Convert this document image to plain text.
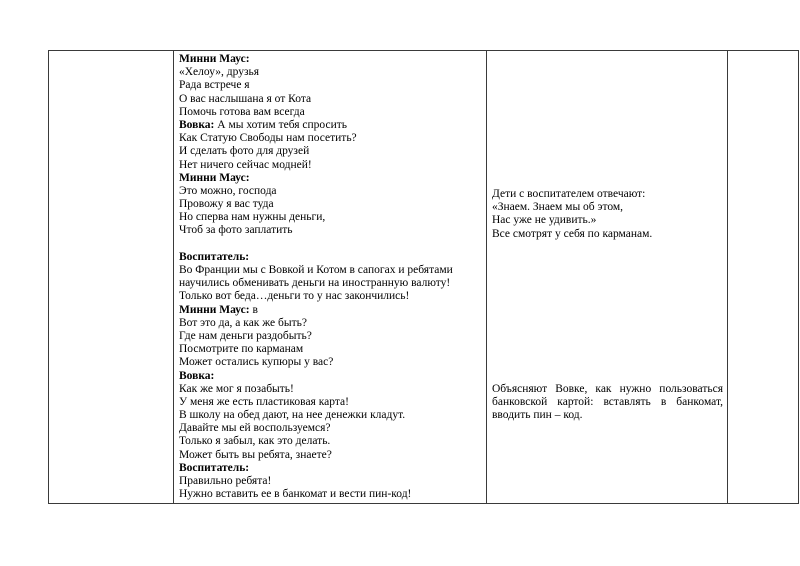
Минни Маус:
«Хелоу», друзья
Рада встрече я
О вас наслышана я от Кота
Помочь готова вам всегда
Вовка: А мы хотим тебя спросить
Как Статую Свободы нам посетить?
И сделать фото для друзей
Нет ничего сейчас модней!
Минни Маус:
Это можно, господа
Провожу я вас туда
Но сперва нам нужны деньги,
Чтоб за фото заплатить

Воспитатель:
Во Франции мы с Вовкой и Котом в сапогах и ребятами
научились обменивать деньги на иностранную валюту!
Только вот беда…деньги то у нас закончились!
Минни Маус: в
Вот это да, а как же быть?
Где нам деньги раздобыть?
Посмотрите по карманам
Может остались купюры у вас?
Вовка:
Как же мог я позабыть!
У меня же есть пластиковая карта!
В школу на обед дают, на нее денежки кладут.
Давайте мы ей воспользуемся?
Только я забыл, как это делать.
Может быть вы ребята, знаете?
Воспитатель:
Правильно ребята!
Нужно вставить ее в банкомат и вести пин-код!

Дети с воспитателем отвечают:
«Знаем. Знаем мы об этом,
Нас уже не удивить.»
Все смотрят у себя по карманам.
Объясняют Вовке, как нужно пользоваться банковской картой: вставлять в банкомат, вводить пин – код.
